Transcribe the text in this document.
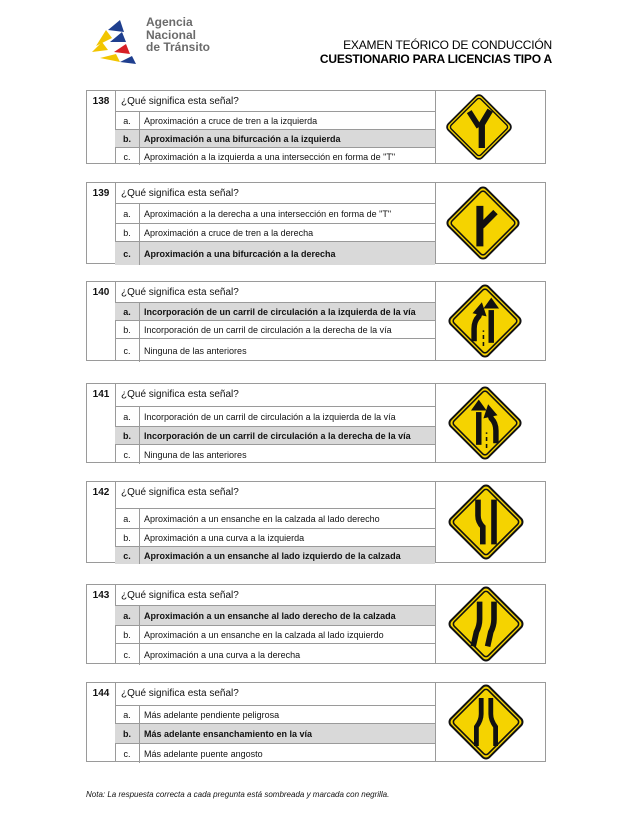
Agencia
Nacional
de Tránsito	EXAMEN TEÓRICO DE CONDUCCIÓN
CUESTIONARIO PARA LICENCIAS TIPO A
138	¿Qué significa esta señal?
a.	Aproximación a cruce de tren a la izquierda
b.	Aproximación a una bifurcación a la izquierda
c.	Aproximación a la izquierda a una intersección en forma de "T"
139	¿Qué significa esta señal?
a.	Aproximación a la derecha a una intersección en forma de "T"
b.	Aproximación a cruce de tren a la derecha
c.	Aproximación a una bifurcación a la derecha
140	¿Qué significa esta señal?
a.	Incorporación de un carril de circulación a la izquierda de la vía
b.	Incorporación de un carril de circulación a la derecha de la vía
c.	Ninguna de las anteriores
141	¿Qué significa esta señal?
a.	Incorporación de un carril de circulación a la izquierda de la vía
b.	Incorporación de un carril de circulación a la derecha de la vía
c.	Ninguna de las anteriores
142	¿Qué significa esta señal?
a.	Aproximación a un ensanche en la calzada al lado derecho
b.	Aproximación a una curva a la izquierda
c.	Aproximación a un ensanche al lado izquierdo de la calzada
143	¿Qué significa esta señal?
a.	Aproximación a un ensanche al lado derecho de la calzada
b.	Aproximación a un ensanche en la calzada al lado izquierdo
c.	Aproximación a una curva a la derecha
144	¿Qué significa esta señal?
a.	Más adelante pendiente peligrosa
b.	Más adelante ensanchamiento en la vía
c.	Más adelante puente angosto
Nota: La respuesta correcta a cada pregunta está sombreada y marcada con negrilla.
